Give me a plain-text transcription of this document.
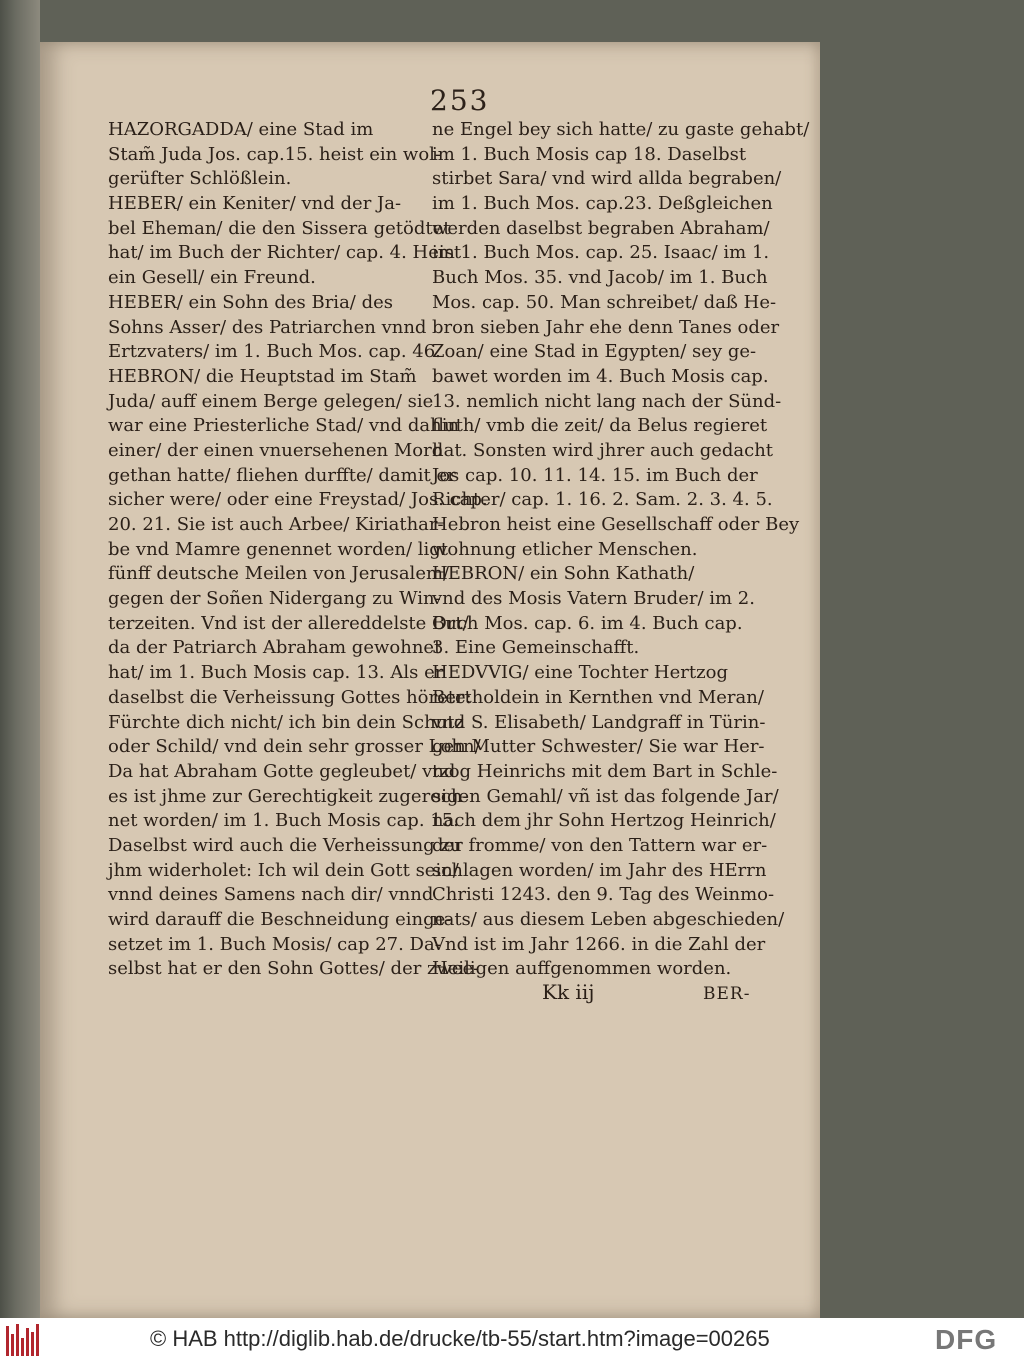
253
HAZORGADDA/ eine Stad im
Stam̃ Juda Jos. cap.15. heist ein wol-
gerüfter Schlößlein.
HEBER/ ein Keniter/ vnd der Ja-
bel Eheman/ die den Sissera getödtet
hat/ im Buch der Richter/ cap. 4. Heist
ein Gesell/ ein Freund.
HEBER/ ein Sohn des Bria/ des
Sohns Asser/ des Patriarchen vnnd
Ertzvaters/ im 1. Buch Mos. cap. 46.
HEBRON/ die Heuptstad im Stam̃
Juda/ auff einem Berge gelegen/ sie
war eine Priesterliche Stad/ vnd dahin
einer/ der einen vnuersehenen Mord
gethan hatte/ fliehen durffte/ damit er
sicher were/ oder eine Freystad/ Jos. cap.
20. 21. Sie ist auch Arbee/ Kiriathar-
be vnd Mamre genennet worden/ ligt
fünff deutsche Meilen von Jerusalem/
gegen der Soñen Nidergang zu Win-
terzeiten. Vnd ist der allereddelste Ort/
da der Patriarch Abraham gewohnet
hat/ im 1. Buch Mosis cap. 13. Als er
daselbst die Verheissung Gottes hörete:
Fürchte dich nicht/ ich bin dein Schutz
oder Schild/ vnd dein sehr grosser Lohn/
Da hat Abraham Gotte gegleubet/ vnd
es ist jhme zur Gerechtigkeit zugerech-
net worden/ im 1. Buch Mosis cap. 15.
Daselbst wird auch die Verheissung zu
jhm widerholet: Ich wil dein Gott sein/
vnnd deines Samens nach dir/ vnnd
wird darauff die Beschneidung einge-
setzet im 1. Buch Mosis/ cap 27. Da-
selbst hat er den Sohn Gottes/ der zwee-
ne Engel bey sich hatte/ zu gaste gehabt/
im 1. Buch Mosis cap 18. Daselbst
stirbet Sara/ vnd wird allda begraben/
im 1. Buch Mos. cap.23. Deßgleichen
werden daselbst begraben Abraham/
im 1. Buch Mos. cap. 25. Isaac/ im 1.
Buch Mos. 35. vnd Jacob/ im 1. Buch
Mos. cap. 50. Man schreibet/ daß He-
bron sieben Jahr ehe denn Tanes oder
Zoan/ eine Stad in Egypten/ sey ge-
bawet worden im 4. Buch Mosis cap.
13. nemlich nicht lang nach der Sünd-
fluth/ vmb die zeit/ da Belus regieret
hat. Sonsten wird jhrer auch gedacht
Jos cap. 10. 11. 14. 15. im Buch der
Richter/ cap. 1. 16. 2. Sam. 2. 3. 4. 5.
Hebron heist eine Gesellschaff oder Bey
wohnung etlicher Menschen.
HEBRON/ ein Sohn Kathath/
vnd des Mosis Vatern Bruder/ im 2.
Buch Mos. cap. 6. im 4. Buch cap.
3. Eine Gemeinschafft.
HEDVVIG/ eine Tochter Hertzog
Bertholdein in Kernthen vnd Meran/
vnd S. Elisabeth/ Landgraff in Türin-
gen Mutter Schwester/ Sie war Her-
tzog Heinrichs mit dem Bart in Schle-
sigen Gemahl/ vñ ist das folgende Jar/
nach dem jhr Sohn Hertzog Heinrich/
der fromme/ von den Tattern war er-
schlagen worden/ im Jahr des HErrn
Christi 1243. den 9. Tag des Weinmo-
nats/ aus diesem Leben abgeschieden/
Vnd ist im Jahr 1266. in die Zahl der
Heiligen auffgenommen worden.
Kk iij	BER-
© HAB http://diglib.hab.de/drucke/tb-55/start.htm?image=00265	DFG
